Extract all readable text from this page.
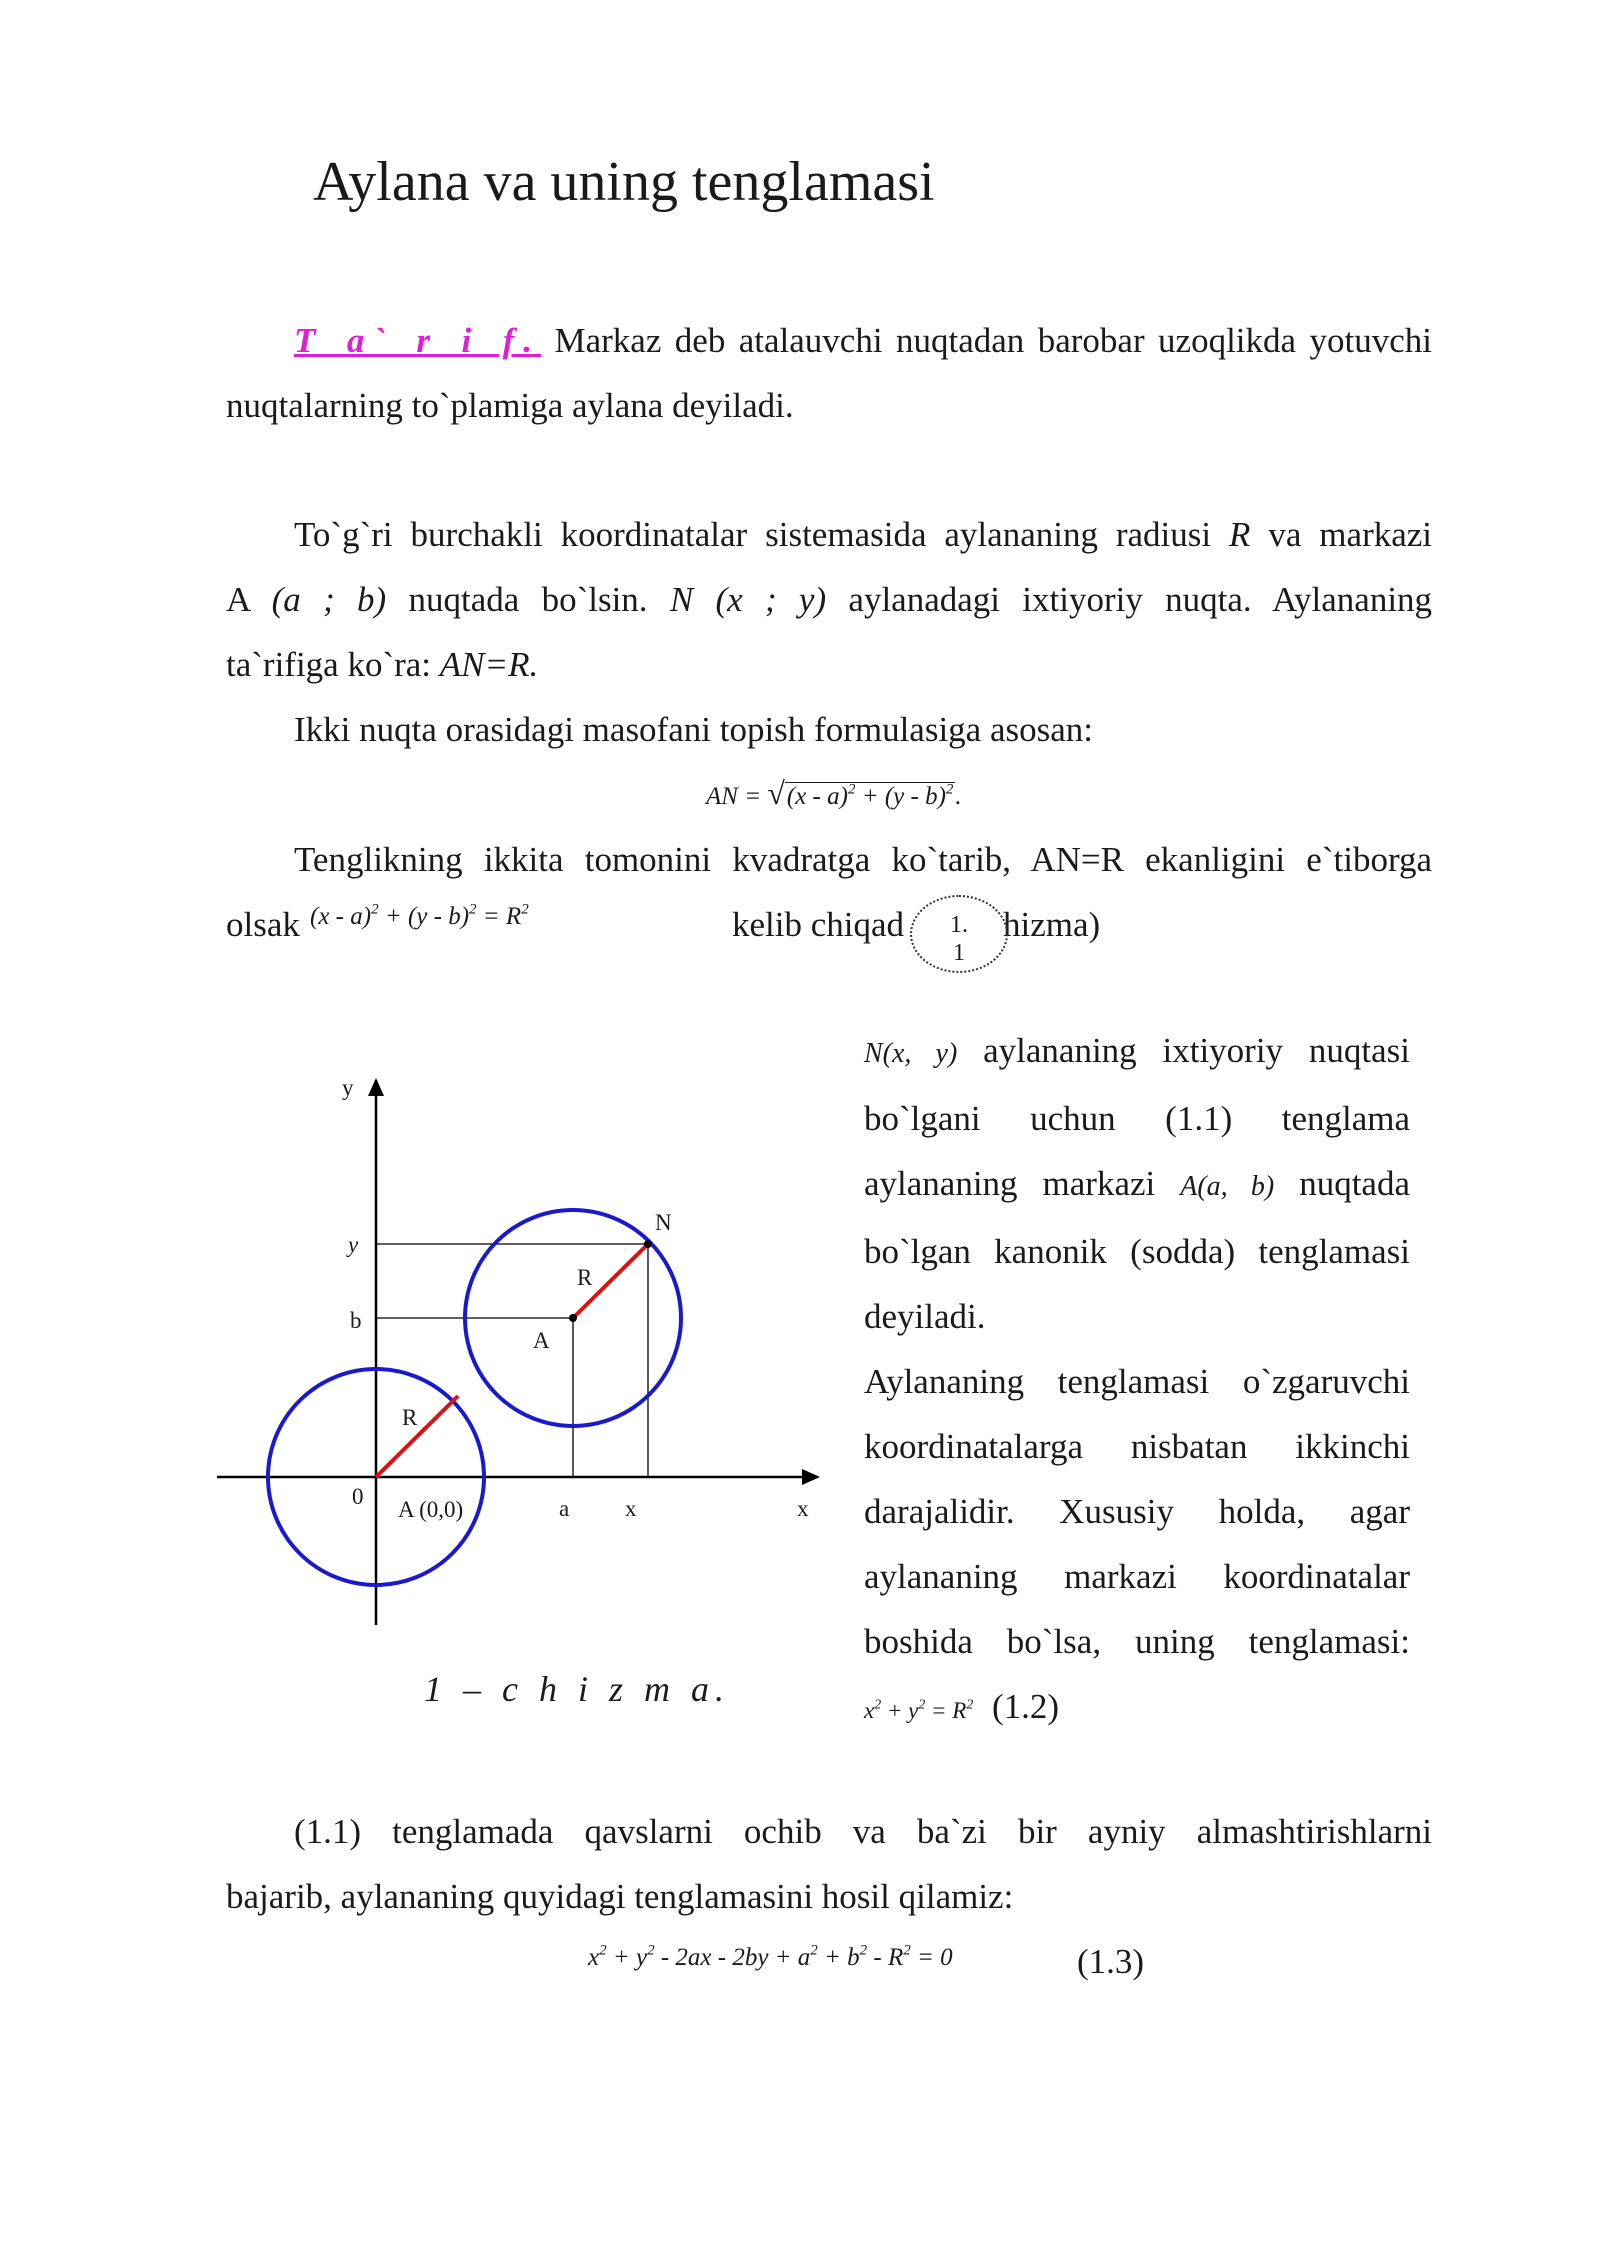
Aylana va uning tenglamasi
T a` r i f. Markaz deb atalauvchi nuqtadan barobar uzoqlikda yotuvchi
nuqtalarning to`plamiga aylana deyiladi.
To`g`ri burchakli koordinatalar sistemasida aylananing radiusi R va markazi
A (a ; b) nuqtada bo`lsin. N (x ; y) aylanadagi ixtiyoriy nuqta. Aylananing
ta`rifiga ko`ra: AN=R.
Ikki nuqta orasidagi masofani topish formulasiga asosan:
AN = √(x - a)$^2$ + (y - b)$^2$.
Tenglikning ikkita tomonini kvadratga ko`tarib, AN=R ekanligini e`tiborga
olsak $(x - a)^2 + (y - b)^2 = R^2$	kelib chiqad	hizma)
1.
1
y
y
b
0	a x	x
N
R
A
R
A (0,0)
1 – c h i z m a.
N(x, y) aylananing ixtiyoriy nuqtasi
bo`lgani uchun (1.1) tenglama
aylananing markazi A(a, b) nuqtada
bo`lgan kanonik (sodda) tenglamasi
deyiladi.
Aylananing tenglamasi o`zgaruvchi
koordinatalarga nisbatan ikkinchi
darajalidir. Xususiy holda, agar
aylananing markazi koordinatalar
boshida bo`lsa, uning tenglamasi:
$x^2 + y^2 = R^2$ (1.2)
(1.1) tenglamada qavslarni ochib va ba`zi bir ayniy almashtirishlarni
bajarib, aylananing quyidagi tenglamasini hosil qilamiz:
$x^2 + y^2 - 2ax - 2by + a^2 + b^2 - R^2 = 0$	(1.3)
